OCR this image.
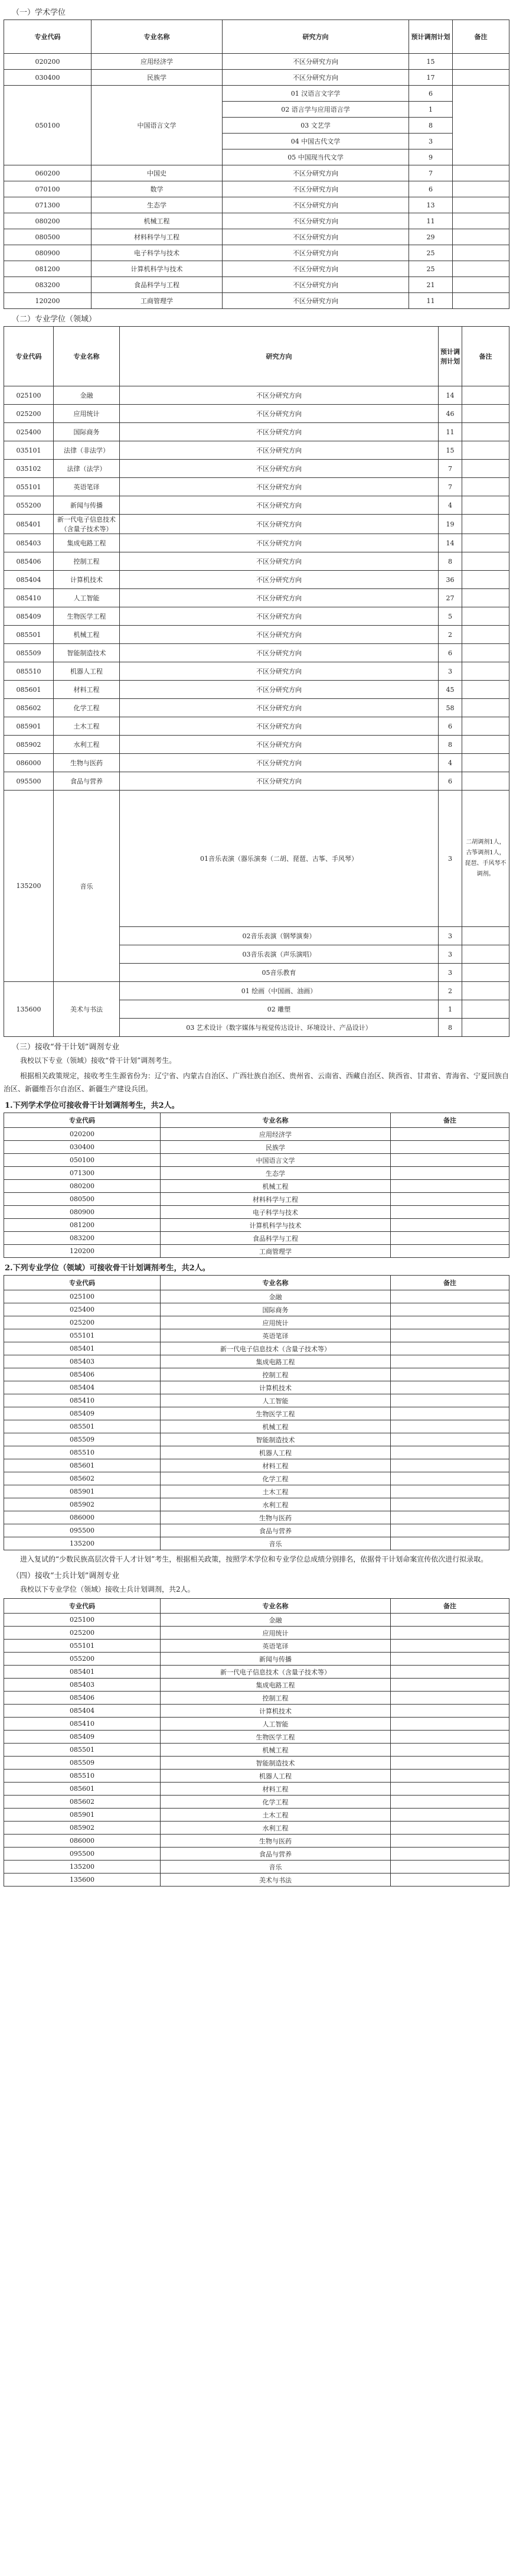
（一）学术学位
专业代码	专业名称	研究方向	预计调剂计划	备注
020200	应用经济学	不区分研究方向	15	
030400	民族学	不区分研究方向	17	
050100	中国语言文学	01 汉语言文字学	6	
		02 语言学与应用语言学	1	
		03 文艺学	8	
		04 中国古代文学	3	
		05 中国现当代文学	9	
060200	中国史	不区分研究方向	7	
070100	数学	不区分研究方向	6	
071300	生态学	不区分研究方向	13	
080200	机械工程	不区分研究方向	11	
080500	材料科学与工程	不区分研究方向	29	
080900	电子科学与技术	不区分研究方向	25	
081200	计算机科学与技术	不区分研究方向	25	
083200	食品科学与工程	不区分研究方向	21	
120200	工商管理学	不区分研究方向	11	
（二）专业学位（领域）
专业代码	专业名称	研究方向	预计调剂计划	备注
025100	金融	不区分研究方向	14	
025200	应用统计	不区分研究方向	46	
025400	国际商务	不区分研究方向	11	
035101	法律（非法学）	不区分研究方向	15	
035102	法律（法学）	不区分研究方向	7	
055101	英语笔译	不区分研究方向	7	
055200	新闻与传播	不区分研究方向	4	
085401	新一代电子信息技术（含量子技术等）	不区分研究方向	19	
085403	集成电路工程	不区分研究方向	14	
085406	控制工程	不区分研究方向	8	
085404	计算机技术	不区分研究方向	36	
085410	人工智能	不区分研究方向	27	
085409	生物医学工程	不区分研究方向	5	
085501	机械工程	不区分研究方向	2	
085509	智能制造技术	不区分研究方向	6	
085510	机器人工程	不区分研究方向	3	
085601	材料工程	不区分研究方向	45	
085602	化学工程	不区分研究方向	58	
085901	土木工程	不区分研究方向	6	
085902	水利工程	不区分研究方向	8	
086000	生物与医药	不区分研究方向	4	
095500	食品与营养	不区分研究方向	6	
135200	音乐	01音乐表演（器乐演奏（二胡、琵琶、古筝、手风琴）	3	二胡调剂1人，古筝调剂1人，琵琶、手风琴不调剂。
		02音乐表演（钢琴演奏）	3	
		03音乐表演（声乐演唱）	3	
		05音乐教育	3	
135600	美术与书法	01 绘画（中国画、油画）	2	
		02 雕塑	1	
		03 艺术设计（数字媒体与视觉传达设计、环境设计、产品设计）	8	
（三）接收“骨干计划”调剂专业

我校以下专业（领域）接收“骨干计划”调剂考生。

根据相关政策规定，接收考生生源省份为：辽宁省、内蒙古自治区、广西壮族自治区、贵州省、云南省、西藏自治区、陕西省、甘肃省、青海省、宁夏回族自治区、新疆维吾尔自治区、新疆生产建设兵团。

1.下列学术学位可接收骨干计划调剂考生，共2人。
专业代码	专业名称	备注
020200	应用经济学	
030400	民族学	
050100	中国语言文学	
071300	生态学	
080200	机械工程	
080500	材料科学与工程	
080900	电子科学与技术	
081200	计算机科学与技术	
083200	食品科学与工程	
120200	工商管理学	
2.下列专业学位（领域）可接收骨干计划调剂考生，共2人。
专业代码	专业名称	备注
025100	金融	
025400	国际商务	
025200	应用统计	
055101	英语笔译	
085401	新一代电子信息技术（含量子技术等）	
085403	集成电路工程	
085406	控制工程	
085404	计算机技术	
085410	人工智能	
085409	生物医学工程	
085501	机械工程	
085509	智能制造技术	
085510	机器人工程	
085601	材料工程	
085602	化学工程	
085901	土木工程	
085902	水利工程	
086000	生物与医药	
095500	食品与营养	
135200	音乐	

进入复试的“少数民族高层次骨干人才计划”考生，根据相关政策，按照学术学位和专业学位总成绩分别排名，依据骨干计划命案宣传依次进行拟录取。

（四）接收“士兵计划”调剂专业

我校以下专业学位（领域）接收士兵计划调剂，共2人。

专业代码	专业名称	备注
025100	金融	
025200	应用统计	
055101	英语笔译	
055200	新闻与传播	
085401	新一代电子信息技术（含量子技术等）	
085403	集成电路工程	
085406	控制工程	
085404	计算机技术	
085410	人工智能	
085409	生物医学工程	
085501	机械工程	
085509	智能制造技术	
085510	机器人工程	
085601	材料工程	
085602	化学工程	
085901	土木工程	
085902	水利工程	
086000	生物与医药	
095500	食品与营养	
135200	音乐	
135600	美术与书法	
